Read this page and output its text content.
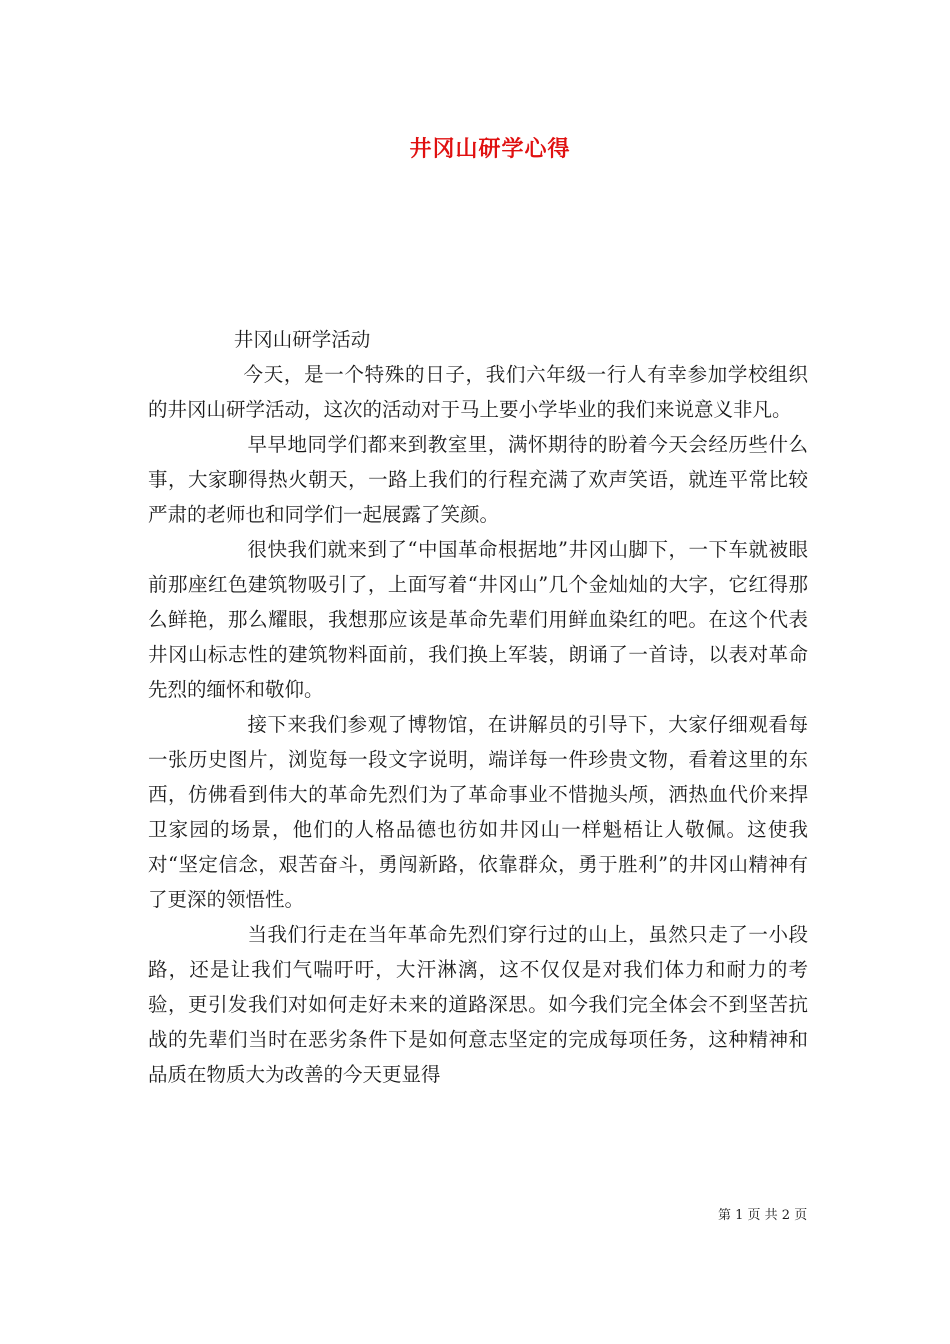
井冈山研学心得

井冈山研学活动

今天，是一个特殊的日子，我们六年级一行人有幸参加学校组织的井冈山研学活动，这次的活动对于马上要小学毕业的我们来说意义非凡。

早早地同学们都来到教室里，满怀期待的盼着今天会经历些什么事，大家聊得热火朝天，一路上我们的行程充满了欢声笑语，就连平常比较严肃的老师也和同学们一起展露了笑颜。

很快我们就来到了“中国革命根据地”井冈山脚下，一下车就被眼前那座红色建筑物吸引了，上面写着“井冈山”几个金灿灿的大字，它红得那么鲜艳，那么耀眼，我想那应该是革命先辈们用鲜血染红的吧。在这个代表井冈山标志性的建筑物料面前，我们换上军装，朗诵了一首诗，以表对革命先烈的缅怀和敬仰。

接下来我们参观了博物馆，在讲解员的引导下，大家仔细观看每一张历史图片，浏览每一段文字说明，端详每一件珍贵文物，看着这里的东西，仿佛看到伟大的革命先烈们为了革命事业不惜抛头颅，洒热血代价来捍卫家园的场景，他们的人格品德也彷如井冈山一样魁梧让人敬佩。这使我对“坚定信念，艰苦奋斗，勇闯新路，依靠群众，勇于胜利”的井冈山精神有了更深的领悟性。

当我们行走在当年革命先烈们穿行过的山上，虽然只走了一小段路，还是让我们气喘吁吁，大汗淋漓，这不仅仅是对我们体力和耐力的考验，更引发我们对如何走好未来的道路深思。如今我们完全体会不到坚苦抗战的先辈们当时在恶劣条件下是如何意志坚定的完成每项任务，这种精神和品质在物质大为改善的今天更显得

第 1 页 共 2 页
